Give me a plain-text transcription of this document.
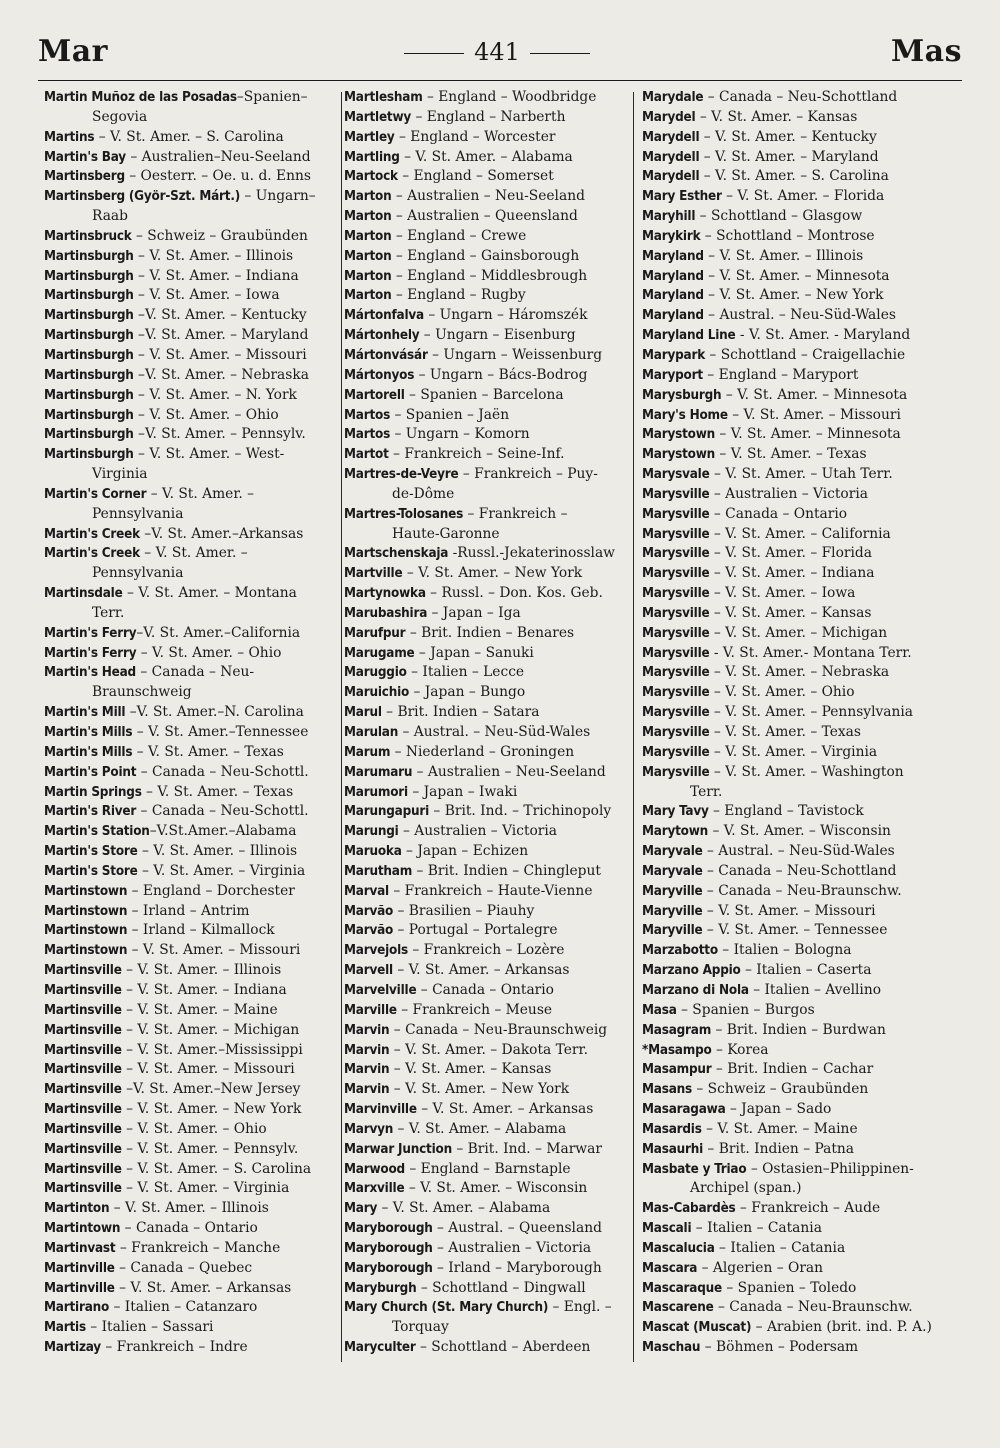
Mar	441	Mas
Martin Muñoz de las Posadas–Spanien–
Segovia
Martins – V. St. Amer. – S. Carolina
Martin's Bay – Australien–Neu-Seeland
Martinsberg – Oesterr. – Oe. u. d. Enns
Martinsberg (Györ-Szt. Márt.) – Ungarn–
Raab
Martinsbruck – Schweiz – Graubünden
Martinsburgh – V. St. Amer. – Illinois
Martinsburgh – V. St. Amer. – Indiana
Martinsburgh – V. St. Amer. – Iowa
Martinsburgh –V. St. Amer. – Kentucky
Martinsburgh –V. St. Amer. – Maryland
Martinsburgh – V. St. Amer. – Missouri
Martinsburgh –V. St. Amer. – Nebraska
Martinsburgh – V. St. Amer. – N. York
Martinsburgh – V. St. Amer. – Ohio
Martinsburgh –V. St. Amer. – Pennsylv.
Martinsburgh – V. St. Amer. – West-
Virginia
Martin's Corner – V. St. Amer. –
Pennsylvania
Martin's Creek –V. St. Amer.–Arkansas
Martin's Creek – V. St. Amer. –
Pennsylvania
Martinsdale – V. St. Amer. – Montana
Terr.
Martin's Ferry–V. St. Amer.–California
Martin's Ferry – V. St. Amer. – Ohio
Martin's Head – Canada – Neu-
Braunschweig
Martin's Mill –V. St. Amer.–N. Carolina
Martin's Mills – V. St. Amer.–Tennessee
Martin's Mills – V. St. Amer. – Texas
Martin's Point – Canada – Neu-Schottl.
Martin Springs – V. St. Amer. – Texas
Martin's River – Canada – Neu-Schottl.
Martin's Station–V.St.Amer.–Alabama
Martin's Store – V. St. Amer. – Illinois
Martin's Store – V. St. Amer. – Virginia
Martinstown – England – Dorchester
Martinstown – Irland – Antrim
Martinstown – Irland – Kilmallock
Martinstown – V. St. Amer. – Missouri
Martinsville – V. St. Amer. – Illinois
Martinsville – V. St. Amer. – Indiana
Martinsville – V. St. Amer. – Maine
Martinsville – V. St. Amer. – Michigan
Martinsville – V. St. Amer.–Mississippi
Martinsville – V. St. Amer. – Missouri
Martinsville –V. St. Amer.–New Jersey
Martinsville – V. St. Amer. – New York
Martinsville – V. St. Amer. – Ohio
Martinsville – V. St. Amer. – Pennsylv.
Martinsville – V. St. Amer. – S. Carolina
Martinsville – V. St. Amer. – Virginia
Martinton – V. St. Amer. – Illinois
Martintown – Canada – Ontario
Martinvast – Frankreich – Manche
Martinville – Canada – Quebec
Martinville – V. St. Amer. – Arkansas
Martirano – Italien – Catanzaro
Martis – Italien – Sassari
Martizay – Frankreich – Indre
Martlesham – England – Woodbridge
Martletwy – England – Narberth
Martley – England – Worcester
Martling – V. St. Amer. – Alabama
Martock – England – Somerset
Marton – Australien – Neu-Seeland
Marton – Australien – Queensland
Marton – England – Crewe
Marton – England – Gainsborough
Marton – England – Middlesbrough
Marton – England – Rugby
Mártonfalva – Ungarn – Háromszék
Mártonhely – Ungarn – Eisenburg
Mártonvásár – Ungarn – Weissenburg
Mártonyos – Ungarn – Bács-Bodrog
Martorell – Spanien – Barcelona
Martos – Spanien – Jaën
Martos – Ungarn – Komorn
Martot – Frankreich – Seine-Inf.
Martres-de-Veyre – Frankreich – Puy-
de-Dôme
Martres-Tolosanes – Frankreich –
Haute-Garonne
Martschenskaja -Russl.-Jekaterinosslaw
Martville – V. St. Amer. – New York
Martynowka – Russl. – Don. Kos. Geb.
Marubashira – Japan – Iga
Marufpur – Brit. Indien – Benares
Marugame – Japan – Sanuki
Maruggio – Italien – Lecce
Maruichio – Japan – Bungo
Marul – Brit. Indien – Satara
Marulan – Austral. – Neu-Süd-Wales
Marum – Niederland – Groningen
Marumaru – Australien – Neu-Seeland
Marumori – Japan – Iwaki
Marungapuri – Brit. Ind. – Trichinopoly
Marungi – Australien – Victoria
Maruoka – Japan – Echizen
Marutham – Brit. Indien – Chingleput
Marval – Frankreich – Haute-Vienne
Marvão – Brasilien – Piauhy
Marvão – Portugal – Portalegre
Marvejols – Frankreich – Lozère
Marvell – V. St. Amer. – Arkansas
Marvelville – Canada – Ontario
Marville – Frankreich – Meuse
Marvin – Canada – Neu-Braunschweig
Marvin – V. St. Amer. – Dakota Terr.
Marvin – V. St. Amer. – Kansas
Marvin – V. St. Amer. – New York
Marvinville – V. St. Amer. – Arkansas
Marvyn – V. St. Amer. – Alabama
Marwar Junction – Brit. Ind. – Marwar
Marwood – England – Barnstaple
Marxville – V. St. Amer. – Wisconsin
Mary – V. St. Amer. – Alabama
Maryborough – Austral. – Queensland
Maryborough – Australien – Victoria
Maryborough – Irland – Maryborough
Maryburgh – Schottland – Dingwall
Mary Church (St. Mary Church) – Engl. –
Torquay
Maryculter – Schottland – Aberdeen
Marydale – Canada – Neu-Schottland
Marydel – V. St. Amer. – Kansas
Marydell – V. St. Amer. – Kentucky
Marydell – V. St. Amer. – Maryland
Marydell – V. St. Amer. – S. Carolina
Mary Esther – V. St. Amer. – Florida
Maryhill – Schottland – Glasgow
Marykirk – Schottland – Montrose
Maryland – V. St. Amer. – Illinois
Maryland – V. St. Amer. – Minnesota
Maryland – V. St. Amer. – New York
Maryland – Austral. – Neu-Süd-Wales
Maryland Line - V. St. Amer. - Maryland
Marypark – Schottland – Craigellachie
Maryport – England – Maryport
Marysburgh – V. St. Amer. – Minnesota
Mary's Home – V. St. Amer. – Missouri
Marystown – V. St. Amer. – Minnesota
Marystown – V. St. Amer. – Texas
Marysvale – V. St. Amer. – Utah Terr.
Marysville – Australien – Victoria
Marysville – Canada – Ontario
Marysville – V. St. Amer. – California
Marysville – V. St. Amer. – Florida
Marysville – V. St. Amer. – Indiana
Marysville – V. St. Amer. – Iowa
Marysville – V. St. Amer. – Kansas
Marysville – V. St. Amer. – Michigan
Marysville - V. St. Amer.- Montana Terr.
Marysville – V. St. Amer. – Nebraska
Marysville – V. St. Amer. – Ohio
Marysville – V. St. Amer. – Pennsylvania
Marysville – V. St. Amer. – Texas
Marysville – V. St. Amer. – Virginia
Marysville – V. St. Amer. – Washington
Terr.
Mary Tavy – England – Tavistock
Marytown – V. St. Amer. – Wisconsin
Maryvale – Austral. – Neu-Süd-Wales
Maryvale – Canada – Neu-Schottland
Maryville – Canada – Neu-Braunschw.
Maryville – V. St. Amer. – Missouri
Maryville – V. St. Amer. – Tennessee
Marzabotto – Italien – Bologna
Marzano Appio – Italien – Caserta
Marzano di Nola – Italien – Avellino
Masa – Spanien – Burgos
Masagram – Brit. Indien – Burdwan
*Masampo – Korea
Masampur – Brit. Indien – Cachar
Masans – Schweiz – Graubünden
Masaragawa – Japan – Sado
Masardis – V. St. Amer. – Maine
Masaurhi – Brit. Indien – Patna
Masbate y Triao – Ostasien–Philippinen-
Archipel (span.)
Mas-Cabardès – Frankreich – Aude
Mascali – Italien – Catania
Mascalucia – Italien – Catania
Mascara – Algerien – Oran
Mascaraque – Spanien – Toledo
Mascarene – Canada – Neu-Braunschw.
Mascat (Muscat) – Arabien (brit. ind. P. A.)
Maschau – Böhmen – Podersam
